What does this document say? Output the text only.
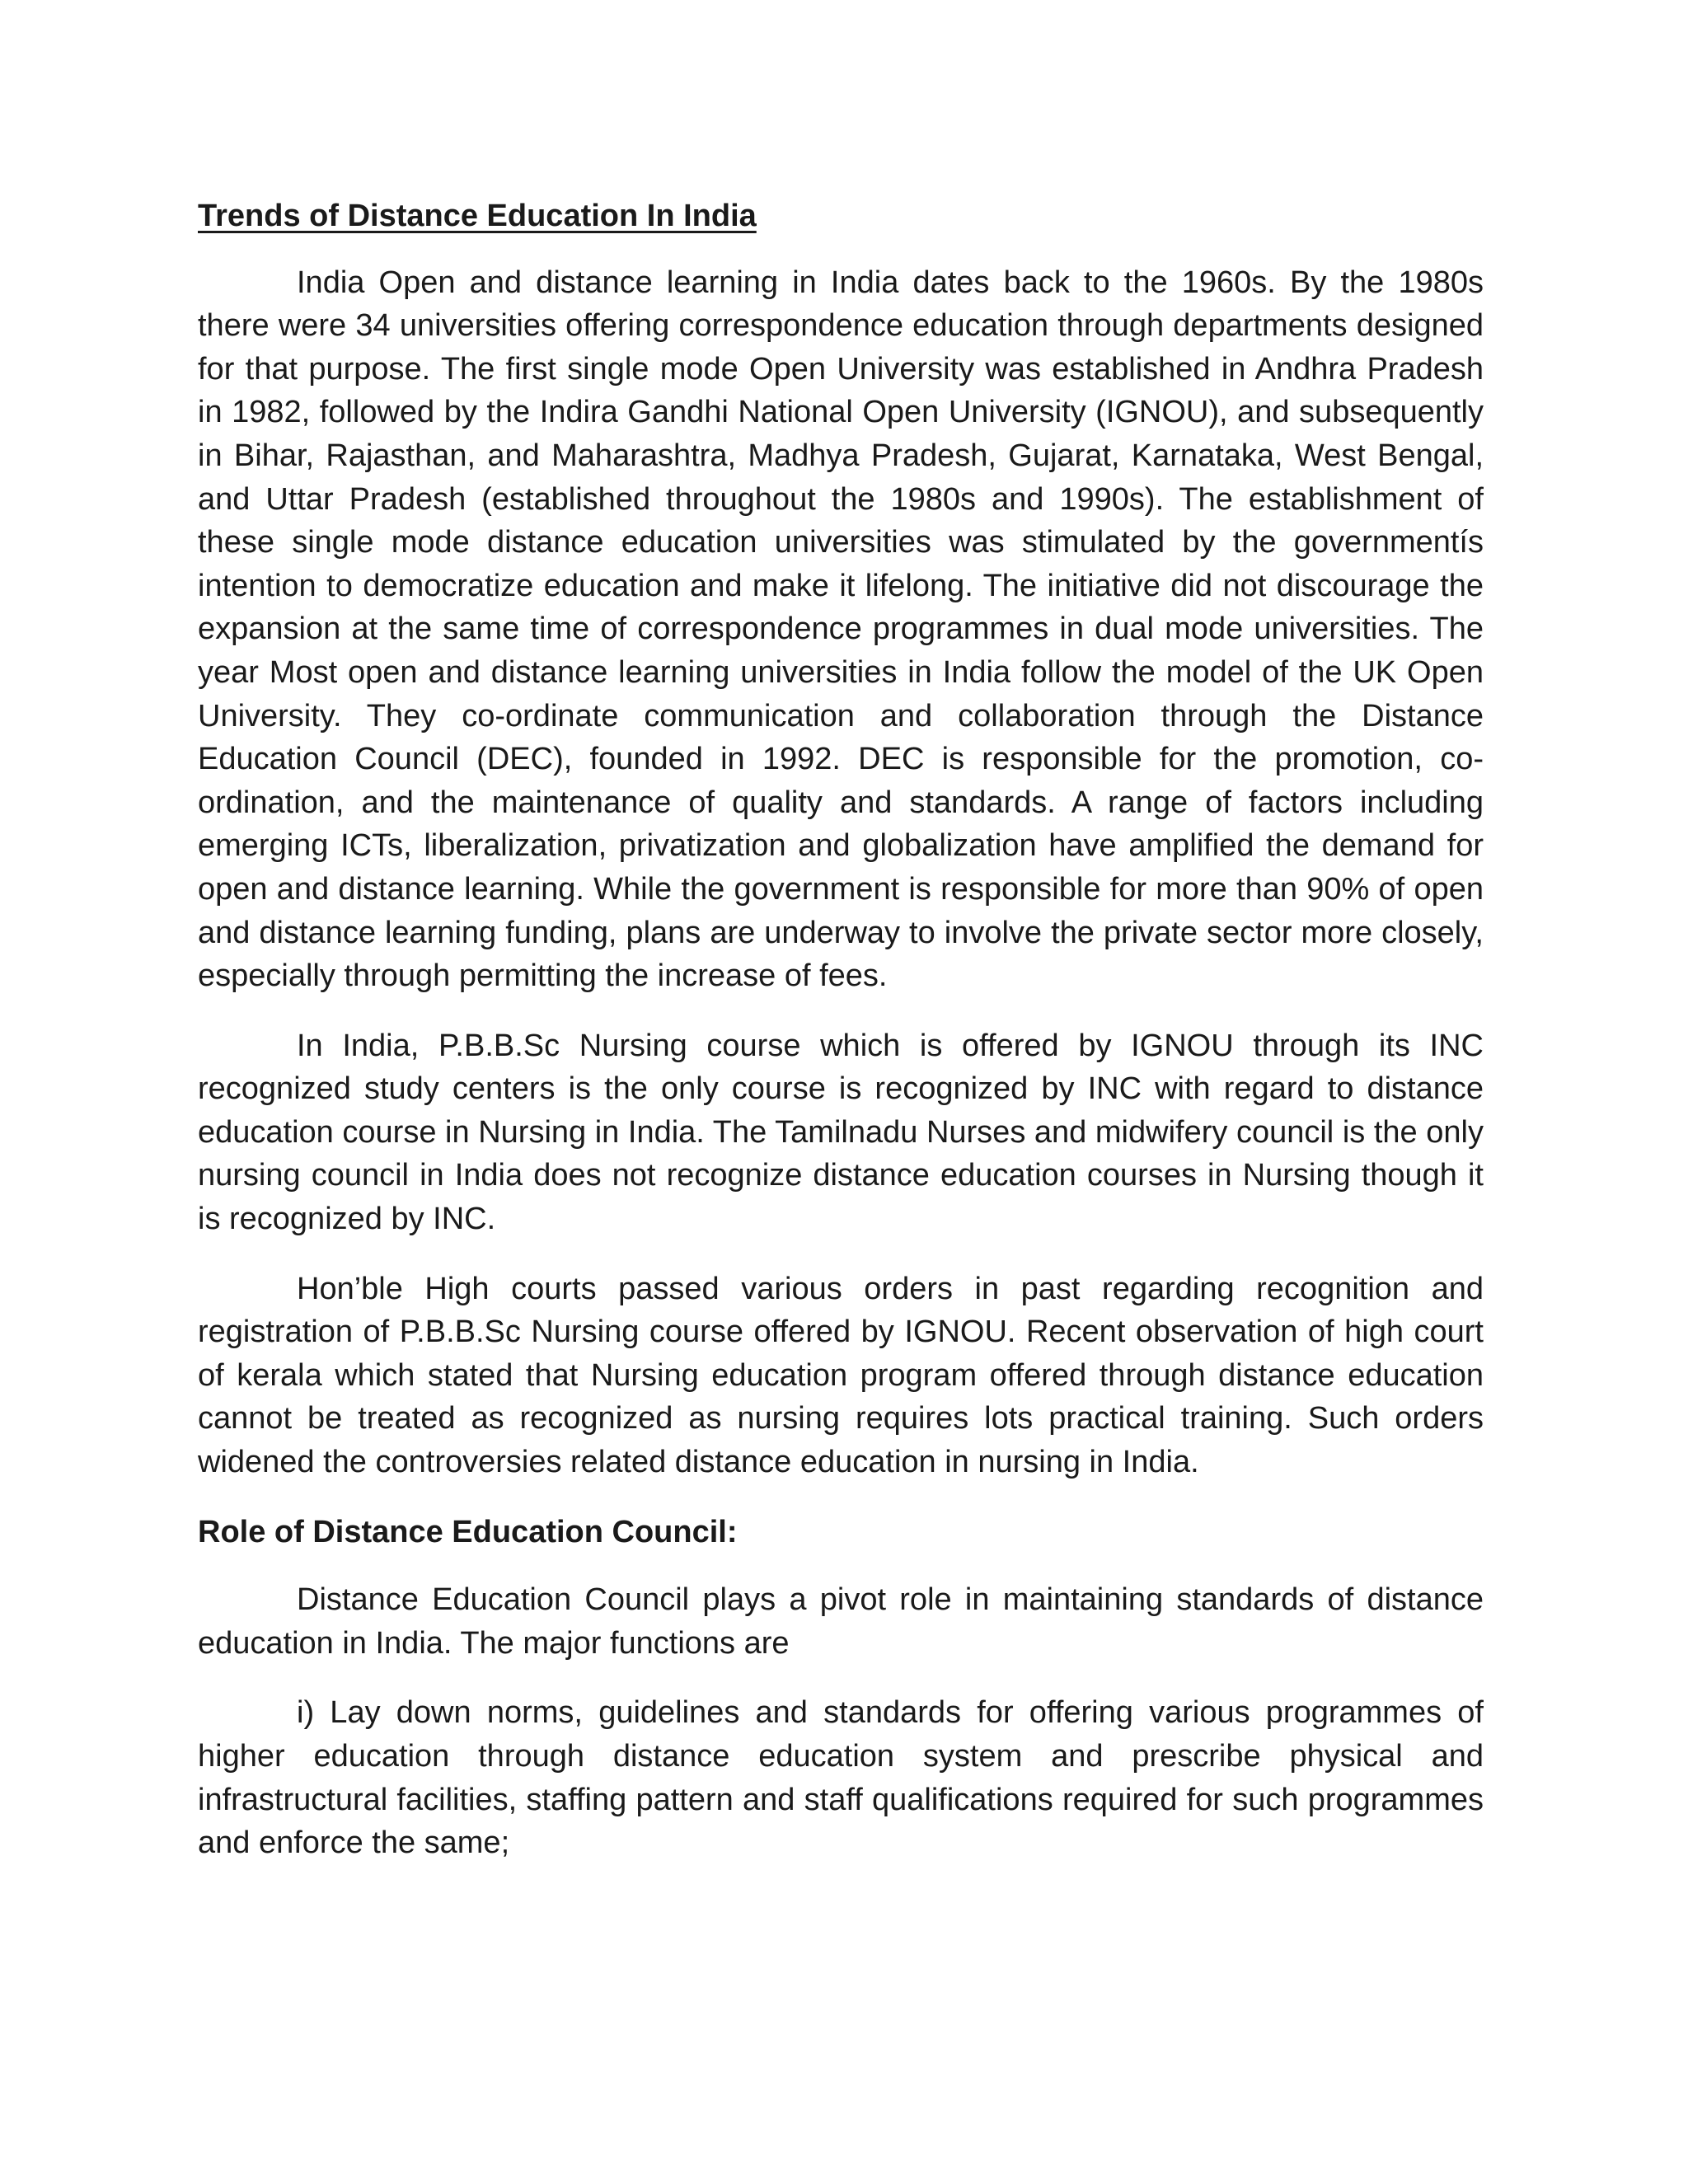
Trends of Distance Education In India

India Open and distance learning in India dates back to the 1960s. By the 1980s there were 34 universities offering correspondence education through departments designed for that purpose. The first single mode Open University was established in Andhra Pradesh in 1982, followed by the Indira Gandhi National Open University (IGNOU), and subsequently in Bihar, Rajasthan, and Maharashtra, Madhya Pradesh, Gujarat, Karnataka, West Bengal, and Uttar Pradesh (established throughout the 1980s and 1990s). The establishment of these single mode distance education universities was stimulated by the governmentís intention to democratize education and make it lifelong. The initiative did not discourage the expansion at the same time of correspondence programmes in dual mode universities. The year Most open and distance learning universities in India follow the model of the UK Open University. They co-ordinate communication and collaboration through the Distance Education Council (DEC), founded in 1992. DEC is responsible for the promotion, co-ordination, and the maintenance of quality and standards. A range of factors including emerging ICTs, liberalization, privatization and globalization have amplified the demand for open and distance learning. While the government is responsible for more than 90% of open and distance learning funding, plans are underway to involve the private sector more closely, especially through permitting the increase of fees.

In India, P.B.B.Sc Nursing course which is offered by IGNOU through its INC recognized study centers is the only course is recognized by INC with regard to distance education course in Nursing in India. The Tamilnadu Nurses and midwifery council is the only nursing council in India does not recognize distance education courses in Nursing though it is recognized by INC.

Hon’ble High courts passed various orders in past regarding recognition and registration of P.B.B.Sc Nursing course offered by IGNOU. Recent observation of high court of kerala which stated that Nursing education program offered through distance education cannot be treated as recognized as nursing requires lots practical training. Such orders widened the controversies related distance education in nursing in India.

Role of Distance Education Council:

Distance Education Council plays a pivot role in maintaining standards of distance education in India. The major functions are

i) Lay down norms, guidelines and standards for offering various programmes of higher education through distance education system and prescribe physical and infrastructural facilities, staffing pattern and staff qualifications required for such programmes and enforce the same;
